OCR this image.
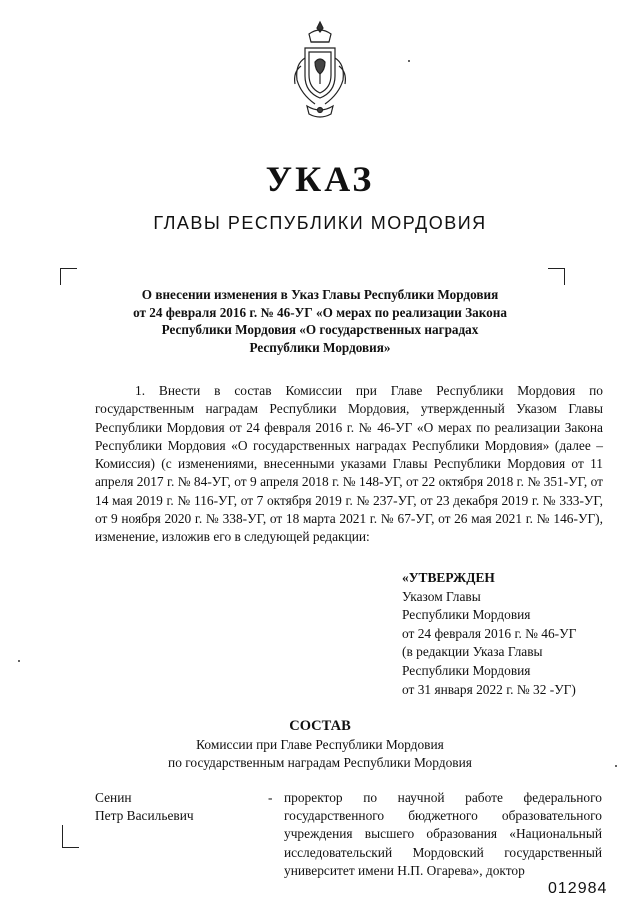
УКАЗ
ГЛАВЫ РЕСПУБЛИКИ МОРДОВИЯ
О внесении изменения в Указ Главы Республики Мордовия
от 24 февраля 2016 г. № 46-УГ «О мерах по реализации Закона
Республики Мордовия «О государственных наградах
Республики Мордовия»
1. Внести в состав Комиссии при Главе Республики Мордовия по государственным наградам Республики Мордовия, утвержденный Указом Главы Республики Мордовия от 24 февраля 2016 г. № 46-УГ «О мерах по реализации Закона Республики Мордовия «О государственных наградах Республики Мордовия» (далее – Комиссия) (с изменениями, внесенными указами Главы Республики Мордовия от 11 апреля 2017 г. № 84-УГ, от 9 апреля 2018 г. № 148-УГ, от 22 октября 2018 г. № 351-УГ, от 14 мая 2019 г. № 116-УГ, от 7 октября 2019 г. № 237-УГ, от 23 декабря 2019 г. № 333-УГ, от 9 ноября 2020 г. № 338-УГ, от 18 марта 2021 г. № 67-УГ, от 26 мая 2021 г. № 146-УГ), изменение, изложив его в следующей редакции:
«УТВЕРЖДЕН
Указом Главы
Республики Мордовия
от 24 февраля 2016 г. № 46-УГ
(в редакции Указа Главы
Республики Мордовия
от 31 января 2022 г. № 32 -УГ)
СОСТАВ
Комиссии при Главе Республики Мордовия
по государственным наградам Республики Мордовия
Сенин
Петр Васильевич
- проректор по научной работе федерального государственного бюджетного образовательного учреждения высшего образования «Национальный исследовательский Мордовский государственный университет имени Н.П. Огарева», доктор
012984
